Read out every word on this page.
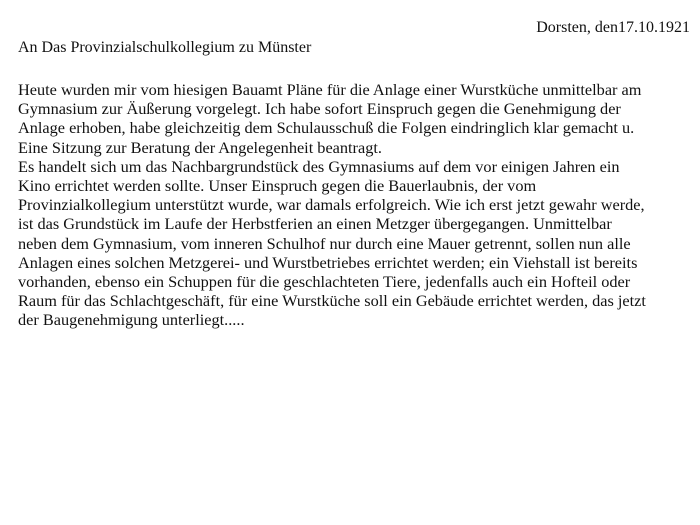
Dorsten, den17.10.1921
An Das Provinzialschulkollegium zu Münster
Heute wurden mir vom hiesigen Bauamt Pläne für die Anlage einer Wurstküche unmittelbar am
Gymnasium zur Äußerung vorgelegt. Ich habe sofort Einspruch gegen die Genehmigung der
Anlage erhoben, habe gleichzeitig dem Schulausschuß die Folgen eindringlich klar gemacht u.
Eine Sitzung zur Beratung der Angelegenheit beantragt.
Es handelt sich um das Nachbargrundstück des Gymnasiums auf dem vor einigen Jahren ein
Kino errichtet werden sollte. Unser Einspruch gegen die Bauerlaubnis, der vom
Provinzialkollegium unterstützt wurde, war damals erfolgreich. Wie ich erst jetzt gewahr werde,
ist das Grundstück im Laufe der Herbstferien an einen Metzger übergegangen. Unmittelbar
neben dem Gymnasium, vom inneren Schulhof nur durch eine Mauer getrennt, sollen nun alle
Anlagen eines solchen Metzgerei- und Wurstbetriebes errichtet werden; ein Viehstall ist bereits
vorhanden, ebenso ein Schuppen für die geschlachteten Tiere, jedenfalls auch ein Hofteil oder
Raum für das Schlachtgeschäft, für eine Wurstküche soll ein Gebäude errichtet werden, das jetzt
der Baugenehmigung unterliegt.....
